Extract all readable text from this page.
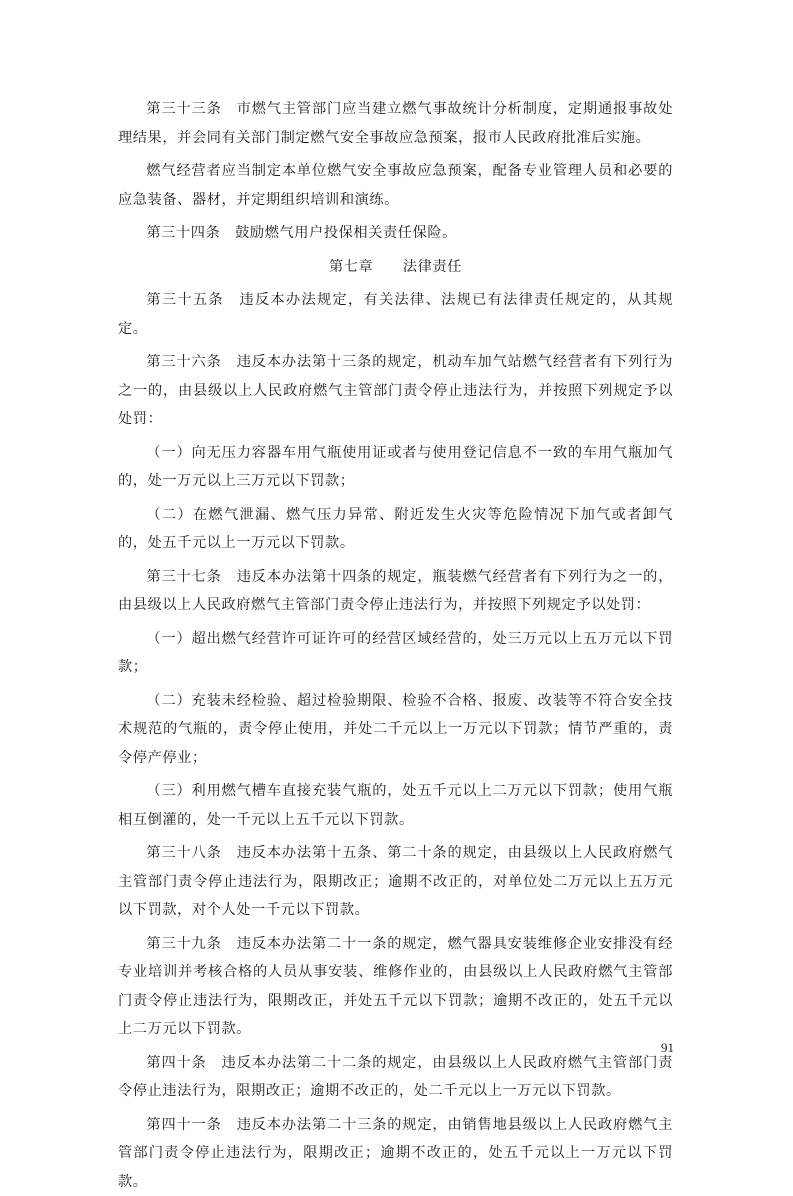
第三十三条　市燃气主管部门应当建立燃气事故统计分析制度，定期通报事故处理结果，并会同有关部门制定燃气安全事故应急预案，报市人民政府批准后实施。

燃气经营者应当制定本单位燃气安全事故应急预案，配备专业管理人员和必要的应急装备、器材，并定期组织培训和演练。

第三十四条　鼓励燃气用户投保相关责任保险。

第七章　　法律责任

第三十五条　违反本办法规定，有关法律、法规已有法律责任规定的，从其规定。

第三十六条　违反本办法第十三条的规定，机动车加气站燃气经营者有下列行为之一的，由县级以上人民政府燃气主管部门责令停止违法行为，并按照下列规定予以处罚：

（一）向无压力容器车用气瓶使用证或者与使用登记信息不一致的车用气瓶加气的，处一万元以上三万元以下罚款；

（二）在燃气泄漏、燃气压力异常、附近发生火灾等危险情况下加气或者卸气的，处五千元以上一万元以下罚款。

第三十七条　违反本办法第十四条的规定，瓶装燃气经营者有下列行为之一的，由县级以上人民政府燃气主管部门责令停止违法行为，并按照下列规定予以处罚：

（一）超出燃气经营许可证许可的经营区域经营的，处三万元以上五万元以下罚款；

（二）充装未经检验、超过检验期限、检验不合格、报废、改装等不符合安全技术规范的气瓶的，责令停止使用，并处二千元以上一万元以下罚款；情节严重的，责令停产停业；

（三）利用燃气槽车直接充装气瓶的，处五千元以上二万元以下罚款；使用气瓶相互倒灌的，处一千元以上五千元以下罚款。

第三十八条　违反本办法第十五条、第二十条的规定，由县级以上人民政府燃气主管部门责令停止违法行为，限期改正；逾期不改正的，对单位处二万元以上五万元以下罚款，对个人处一千元以下罚款。

第三十九条　违反本办法第二十一条的规定，燃气器具安装维修企业安排没有经专业培训并考核合格的人员从事安装、维修作业的，由县级以上人民政府燃气主管部门责令停止违法行为，限期改正，并处五千元以下罚款；逾期不改正的，处五千元以上二万元以下罚款。

第四十条　违反本办法第二十二条的规定，由县级以上人民政府燃气主管部门责令停止违法行为，限期改正；逾期不改正的，处二千元以上一万元以下罚款。

第四十一条　违反本办法第二十三条的规定，由销售地县级以上人民政府燃气主管部门责令停止违法行为，限期改正；逾期不改正的，处五千元以上一万元以下罚款。

91
